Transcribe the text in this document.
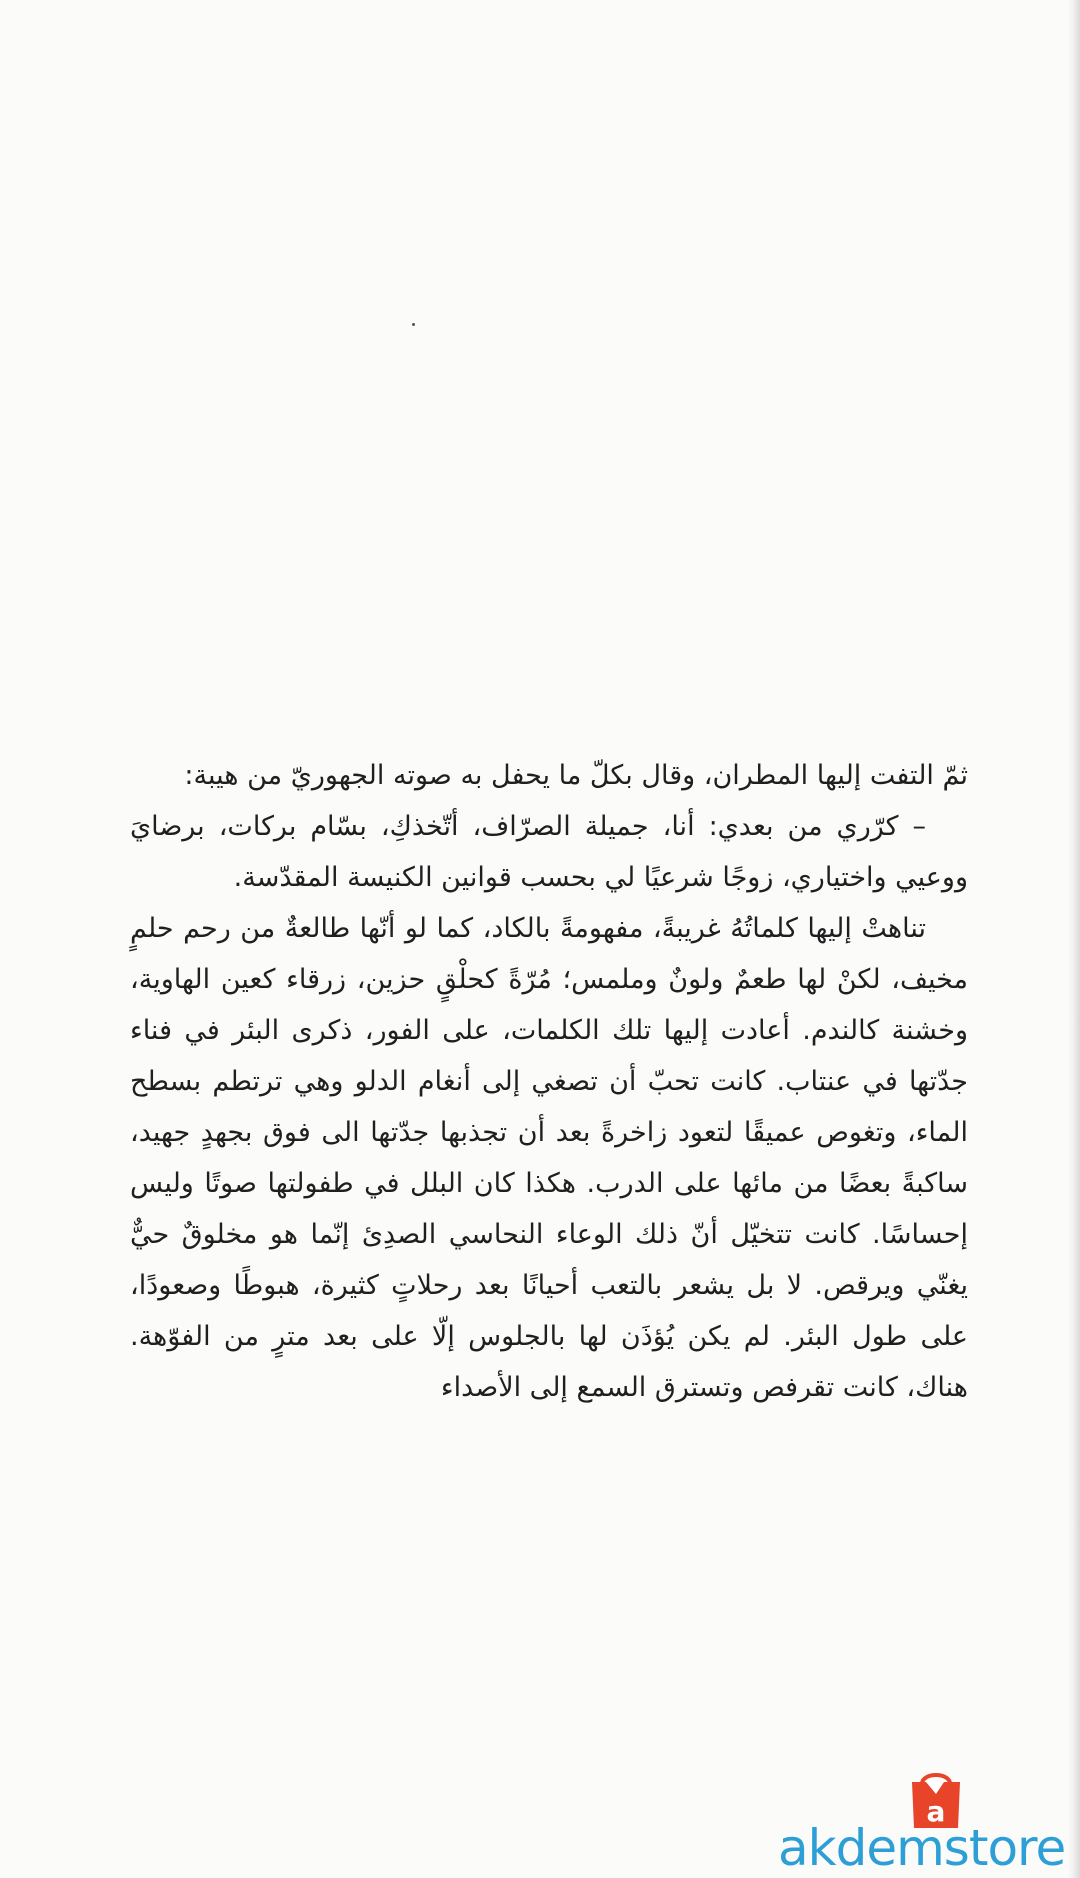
ثمّ التفت إليها المطران، وقال بكلّ ما يحفل به صوته الجهوريّ من هيبة:

– كرّري من بعدي: أنا، جميلة الصرّاف، أتّخذكِ، بسّام بركات، برضايَ ووعيي واختياري، زوجًا شرعيًا لي بحسب قوانين الكنيسة المقدّسة.

تناهتْ إليها كلماتُهُ غريبةً، مفهومةً بالكاد، كما لو أنّها طالعةٌ من رحم حلمٍ مخيف، لكنْ لها طعمٌ ولونٌ وملمس؛ مُرّةً كحلْقٍ حزين، زرقاء كعين الهاوية، وخشنة كالندم. أعادت إليها تلك الكلمات، على الفور، ذكرى البئر في فناء جدّتها في عنتاب. كانت تحبّ أن تصغي إلى أنغام الدلو وهي ترتطم بسطح الماء، وتغوص عميقًا لتعود زاخرةً بعد أن تجذبها جدّتها الى فوق بجهدٍ جهيد، ساكبةً بعضًا من مائها على الدرب. هكذا كان البلل في طفولتها صوتًا وليس إحساسًا. كانت تتخيّل أنّ ذلك الوعاء النحاسي الصدِئ إنّما هو مخلوقٌ حيٌّ يغنّي ويرقص. لا بل يشعر بالتعب أحيانًا بعد رحلاتٍ كثيرة، هبوطًا وصعودًا، على طول البئر. لم يكن يُؤذَن لها بالجلوس إلّا على بعد مترٍ من الفوّهة. هناك، كانت تقرفص وتسترق السمع إلى الأصداء

a
akdemstore
